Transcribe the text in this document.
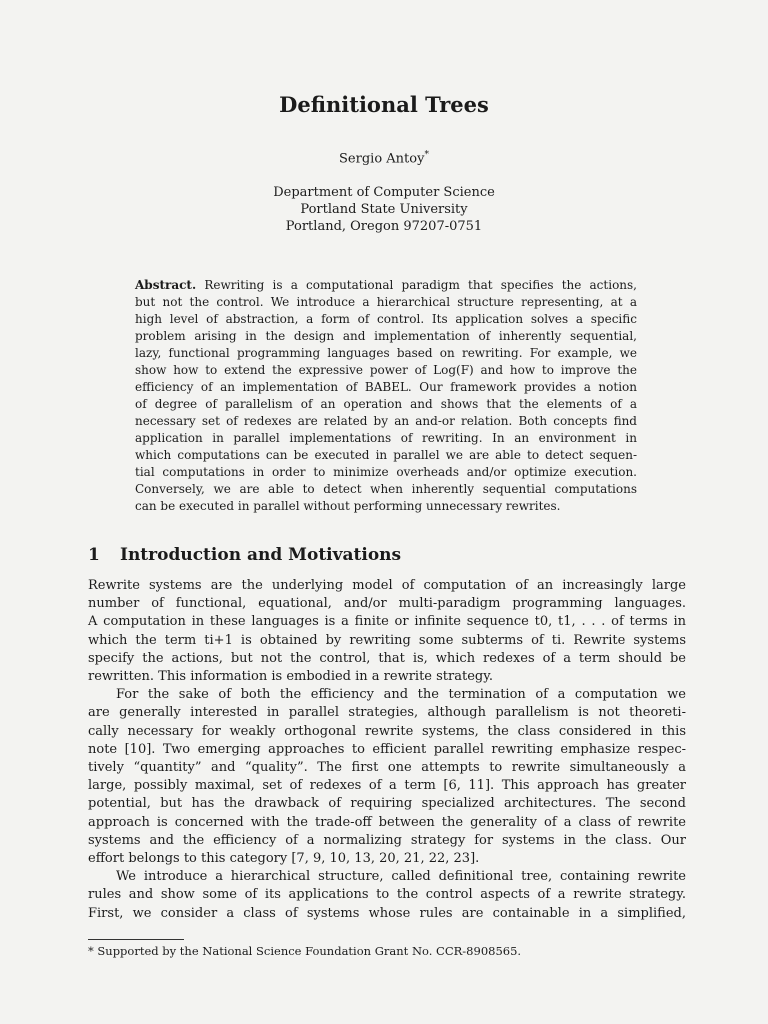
Definitional Trees
Sergio Antoy*
Department of Computer Science
Portland State University
Portland, Oregon 97207-0751

Abstract. Rewriting is a computational paradigm that specifies the actions,

but not the control. We introduce a hierarchical structure representing, at a

high level of abstraction, a form of control. Its application solves a specific

problem arising in the design and implementation of inherently sequential,

lazy, functional programming languages based on rewriting. For example, we

show how to extend the expressive power of Log(F) and how to improve the

efficiency of an implementation of BABEL. Our framework provides a notion

of degree of parallelism of an operation and shows that the elements of a

necessary set of redexes are related by an and-or relation. Both concepts find

application in parallel implementations of rewriting. In an environment in

which computations can be executed in parallel we are able to detect sequen-

tial computations in order to minimize overheads and/or optimize execution.

Conversely, we are able to detect when inherently sequential computations

can be executed in parallel without performing unnecessary rewrites.

1 Introduction and Motivations

Rewrite systems are the underlying model of computation of an increasingly large

number of functional, equational, and/or multi-paradigm programming languages.

A computation in these languages is a finite or infinite sequence t0, t1, . . . of terms in

which the term ti+1 is obtained by rewriting some subterms of ti. Rewrite systems

specify the actions, but not the control, that is, which redexes of a term should be

rewritten. This information is embodied in a rewrite strategy.

For the sake of both the efficiency and the termination of a computation we

are generally interested in parallel strategies, although parallelism is not theoreti-

cally necessary for weakly orthogonal rewrite systems, the class considered in this

note [10]. Two emerging approaches to efficient parallel rewriting emphasize respec-

tively “quantity” and “quality”. The first one attempts to rewrite simultaneously a

large, possibly maximal, set of redexes of a term [6, 11]. This approach has greater

potential, but has the drawback of requiring specialized architectures. The second

approach is concerned with the trade-off between the generality of a class of rewrite

systems and the efficiency of a normalizing strategy for systems in the class. Our

effort belongs to this category [7, 9, 10, 13, 20, 21, 22, 23].

We introduce a hierarchical structure, called definitional tree, containing rewrite

rules and show some of its applications to the control aspects of a rewrite strategy.

First, we consider a class of systems whose rules are containable in a simplified,

* Supported by the National Science Foundation Grant No. CCR-8908565.
